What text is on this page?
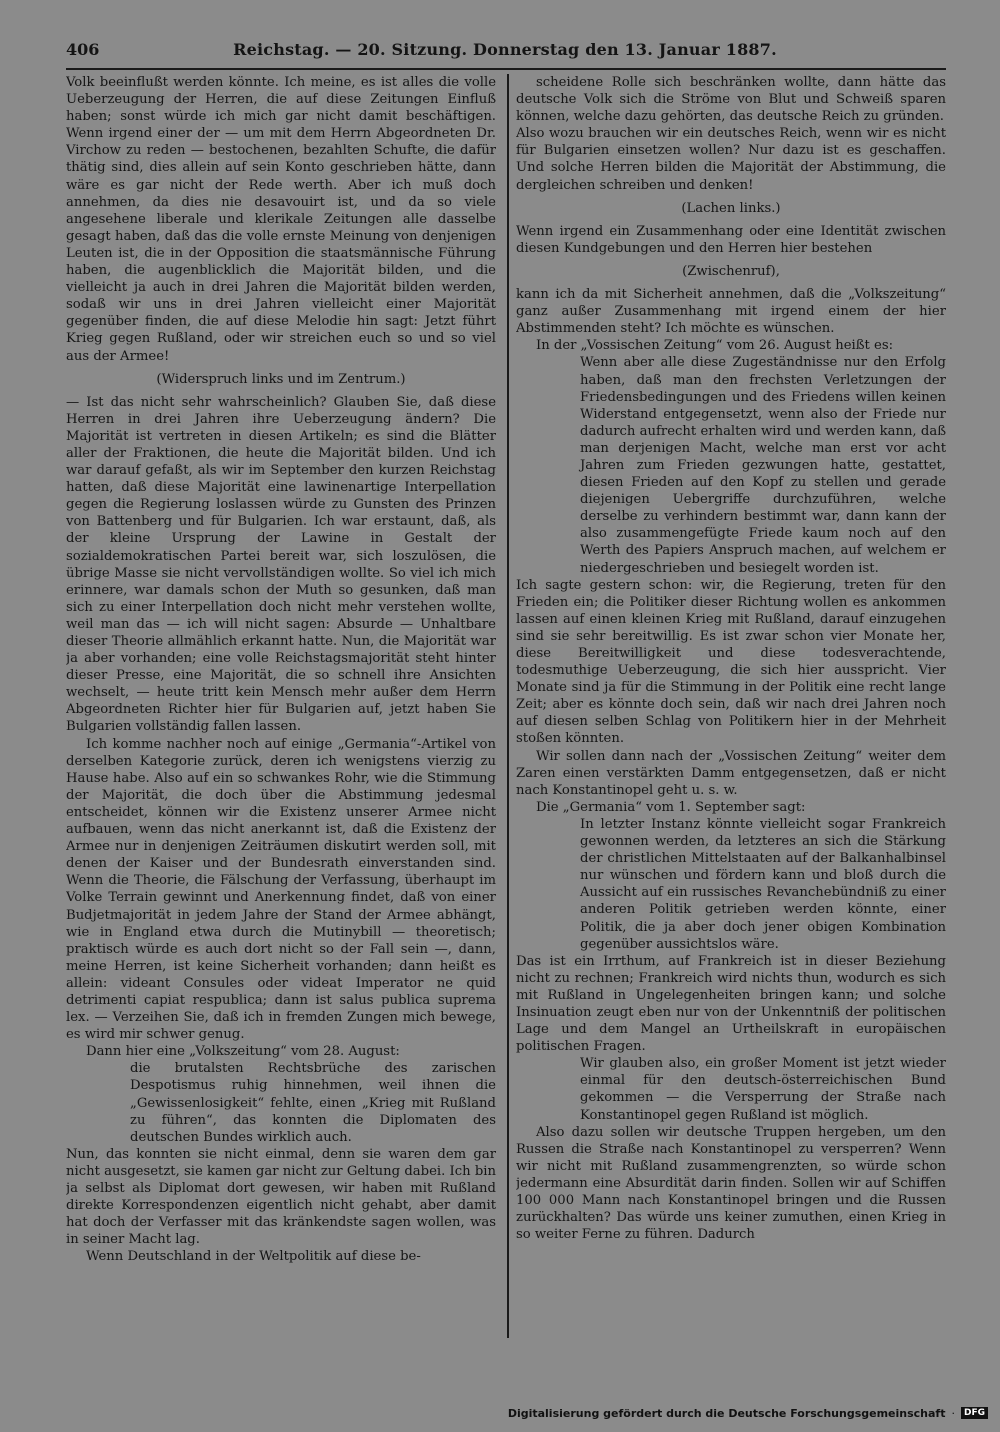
406	Reichstag. — 20. Sitzung. Donnerstag den 13. Januar 1887.

Volk beeinflußt werden könnte. Ich meine, es ist alles die volle Ueberzeugung der Herren, die auf diese Zeitungen Einfluß haben; sonst würde ich mich gar nicht damit beschäftigen. Wenn irgend einer der — um mit dem Herrn Abgeordneten Dr. Virchow zu reden — bestochenen, bezahlten Schufte, die dafür thätig sind, dies allein auf sein Konto geschrieben hätte, dann wäre es gar nicht der Rede werth. Aber ich muß doch annehmen, da dies nie desavouirt ist, und da so viele angesehene liberale und klerikale Zeitungen alle dasselbe gesagt haben, daß das die volle ernste Meinung von denjenigen Leuten ist, die in der Opposition die staatsmännische Führung haben, die augenblicklich die Majorität bilden, und die vielleicht ja auch in drei Jahren die Majorität bilden werden, sodaß wir uns in drei Jahren vielleicht einer Majorität gegenüber finden, die auf diese Melodie hin sagt: Jetzt führt Krieg gegen Rußland, oder wir streichen euch so und so viel aus der Armee!

(Widerspruch links und im Zentrum.)

— Ist das nicht sehr wahrscheinlich? Glauben Sie, daß diese Herren in drei Jahren ihre Ueberzeugung ändern? Die Majorität ist vertreten in diesen Artikeln; es sind die Blätter aller der Fraktionen, die heute die Majorität bilden. Und ich war darauf gefaßt, als wir im September den kurzen Reichstag hatten, daß diese Majorität eine lawinenartige Interpellation gegen die Regierung loslassen würde zu Gunsten des Prinzen von Battenberg und für Bulgarien. Ich war erstaunt, daß, als der kleine Ursprung der Lawine in Gestalt der sozialdemokratischen Partei bereit war, sich loszulösen, die übrige Masse sie nicht vervollständigen wollte. So viel ich mich erinnere, war damals schon der Muth so gesunken, daß man sich zu einer Interpellation doch nicht mehr verstehen wollte, weil man das — ich will nicht sagen: Absurde — Unhaltbare dieser Theorie allmählich erkannt hatte. Nun, die Majorität war ja aber vorhanden; eine volle Reichstagsmajorität steht hinter dieser Presse, eine Majorität, die so schnell ihre Ansichten wechselt, — heute tritt kein Mensch mehr außer dem Herrn Abgeordneten Richter hier für Bulgarien auf, jetzt haben Sie Bulgarien vollständig fallen lassen.

Ich komme nachher noch auf einige „Germania“-Artikel von derselben Kategorie zurück, deren ich wenigstens vierzig zu Hause habe. Also auf ein so schwankes Rohr, wie die Stimmung der Majorität, die doch über die Abstimmung jedesmal entscheidet, können wir die Existenz unserer Armee nicht aufbauen, wenn das nicht anerkannt ist, daß die Existenz der Armee nur in denjenigen Zeiträumen diskutirt werden soll, mit denen der Kaiser und der Bundesrath einverstanden sind. Wenn die Theorie, die Fälschung der Verfassung, überhaupt im Volke Terrain gewinnt und Anerkennung findet, daß von einer Budjetmajorität in jedem Jahre der Stand der Armee abhängt, wie in England etwa durch die Mutinybill — theoretisch; praktisch würde es auch dort nicht so der Fall sein —, dann, meine Herren, ist keine Sicherheit vorhanden; dann heißt es allein: videant Consules oder videat Imperator ne quid detrimenti capiat respublica; dann ist salus publica suprema lex. — Verzeihen Sie, daß ich in fremden Zungen mich bewege, es wird mir schwer genug.

Dann hier eine „Volkszeitung“ vom 28. August:

die brutalsten Rechtsbrüche des zarischen Despotismus ruhig hinnehmen, weil ihnen die „Gewissenlosigkeit“ fehlte, einen „Krieg mit Rußland zu führen“, das konnten die Diplomaten des deutschen Bundes wirklich auch.

Nun, das konnten sie nicht einmal, denn sie waren dem gar nicht ausgesetzt, sie kamen gar nicht zur Geltung dabei. Ich bin ja selbst als Diplomat dort gewesen, wir haben mit Rußland direkte Korrespondenzen eigentlich nicht gehabt, aber damit hat doch der Verfasser mit das kränkendste sagen wollen, was in seiner Macht lag.

Wenn Deutschland in der Weltpolitik auf diese be-

scheidene Rolle sich beschränken wollte, dann hätte das deutsche Volk sich die Ströme von Blut und Schweiß sparen können, welche dazu gehörten, das deutsche Reich zu gründen.

Also wozu brauchen wir ein deutsches Reich, wenn wir es nicht für Bulgarien einsetzen wollen? Nur dazu ist es geschaffen. Und solche Herren bilden die Majorität der Abstimmung, die dergleichen schreiben und denken!

(Lachen links.)

Wenn irgend ein Zusammenhang oder eine Identität zwischen diesen Kundgebungen und den Herren hier bestehen

(Zwischenruf),

kann ich da mit Sicherheit annehmen, daß die „Volkszeitung“ ganz außer Zusammenhang mit irgend einem der hier Abstimmenden steht? Ich möchte es wünschen.

In der „Vossischen Zeitung“ vom 26. August heißt es:

Wenn aber alle diese Zugeständnisse nur den Erfolg haben, daß man den frechsten Verletzungen der Friedensbedingungen und des Friedens willen keinen Widerstand entgegensetzt, wenn also der Friede nur dadurch aufrecht erhalten wird und werden kann, daß man derjenigen Macht, welche man erst vor acht Jahren zum Frieden gezwungen hatte, gestattet, diesen Frieden auf den Kopf zu stellen und gerade diejenigen Uebergriffe durchzuführen, welche derselbe zu verhindern bestimmt war, dann kann der also zusammengefügte Friede kaum noch auf den Werth des Papiers Anspruch machen, auf welchem er niedergeschrieben und besiegelt worden ist.

Ich sagte gestern schon: wir, die Regierung, treten für den Frieden ein; die Politiker dieser Richtung wollen es ankommen lassen auf einen kleinen Krieg mit Rußland, darauf einzugehen sind sie sehr bereitwillig. Es ist zwar schon vier Monate her, diese Bereitwilligkeit und diese todesverachtende, todesmuthige Ueberzeugung, die sich hier ausspricht. Vier Monate sind ja für die Stimmung in der Politik eine recht lange Zeit; aber es könnte doch sein, daß wir nach drei Jahren noch auf diesen selben Schlag von Politikern hier in der Mehrheit stoßen könnten.

Wir sollen dann nach der „Vossischen Zeitung“ weiter dem Zaren einen verstärkten Damm entgegensetzen, daß er nicht nach Konstantinopel geht u. s. w.

Die „Germania“ vom 1. September sagt:

In letzter Instanz könnte vielleicht sogar Frankreich gewonnen werden, da letzteres an sich die Stärkung der christlichen Mittelstaaten auf der Balkanhalbinsel nur wünschen und fördern kann und bloß durch die Aussicht auf ein russisches Revanchebündniß zu einer anderen Politik getrieben werden könnte, einer Politik, die ja aber doch jener obigen Kombination gegenüber aussichtslos wäre.

Das ist ein Irrthum, auf Frankreich ist in dieser Beziehung nicht zu rechnen; Frankreich wird nichts thun, wodurch es sich mit Rußland in Ungelegenheiten bringen kann; und solche Insinuation zeugt eben nur von der Unkenntniß der politischen Lage und dem Mangel an Urtheilskraft in europäischen politischen Fragen.

Wir glauben also, ein großer Moment ist jetzt wieder einmal für den deutsch-österreichischen Bund gekommen — die Versperrung der Straße nach Konstantinopel gegen Rußland ist möglich.

Also dazu sollen wir deutsche Truppen hergeben, um den Russen die Straße nach Konstantinopel zu versperren? Wenn wir nicht mit Rußland zusammengrenzten, so würde schon jedermann eine Absurdität darin finden. Sollen wir auf Schiffen 100 000 Mann nach Konstantinopel bringen und die Russen zurückhalten? Das würde uns keiner zumuthen, einen Krieg in so weiter Ferne zu führen. Dadurch

Digitalisierung gefördert durch die Deutsche Forschungsgemeinschaft ·	DFG
